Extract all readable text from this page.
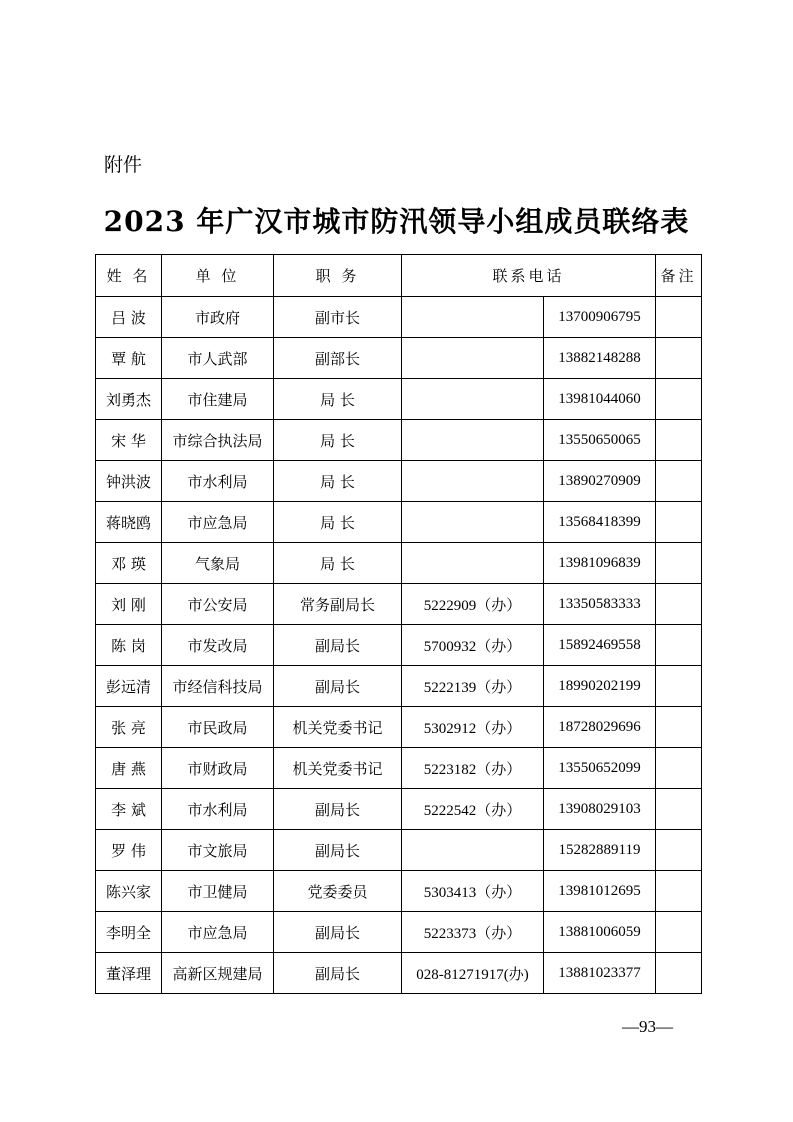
附件
2023 年广汉市城市防汛领导小组成员联络表
姓 名	单 位	职 务	联系电话		备注
吕 波	市政府	副市长		13700906795	
覃 航	市人武部	副部长		13882148288	
刘勇杰	市住建局	局 长		13981044060	
宋 华	市综合执法局	局 长		13550650065	
钟洪波	市水利局	局 长		13890270909	
蒋晓鸥	市应急局	局 长		13568418399	
邓 瑛	气象局	局 长		13981096839	
刘 刚	市公安局	常务副局长	5222909（办）	13350583333	
陈 岗	市发改局	副局长	5700932（办）	15892469558	
彭远清	市经信科技局	副局长	5222139（办）	18990202199	
张 亮	市民政局	机关党委书记	5302912（办）	18728029696	
唐 燕	市财政局	机关党委书记	5223182（办）	13550652099	
李 斌	市水利局	副局长	5222542（办）	13908029103	
罗 伟	市文旅局	副局长		15282889119	
陈兴家	市卫健局	党委委员	5303413（办）	13981012695	
李明全	市应急局	副局长	5223373（办）	13881006059	
董泽理	高新区规建局	副局长	028-81271917(办)	13881023377	
—93—
